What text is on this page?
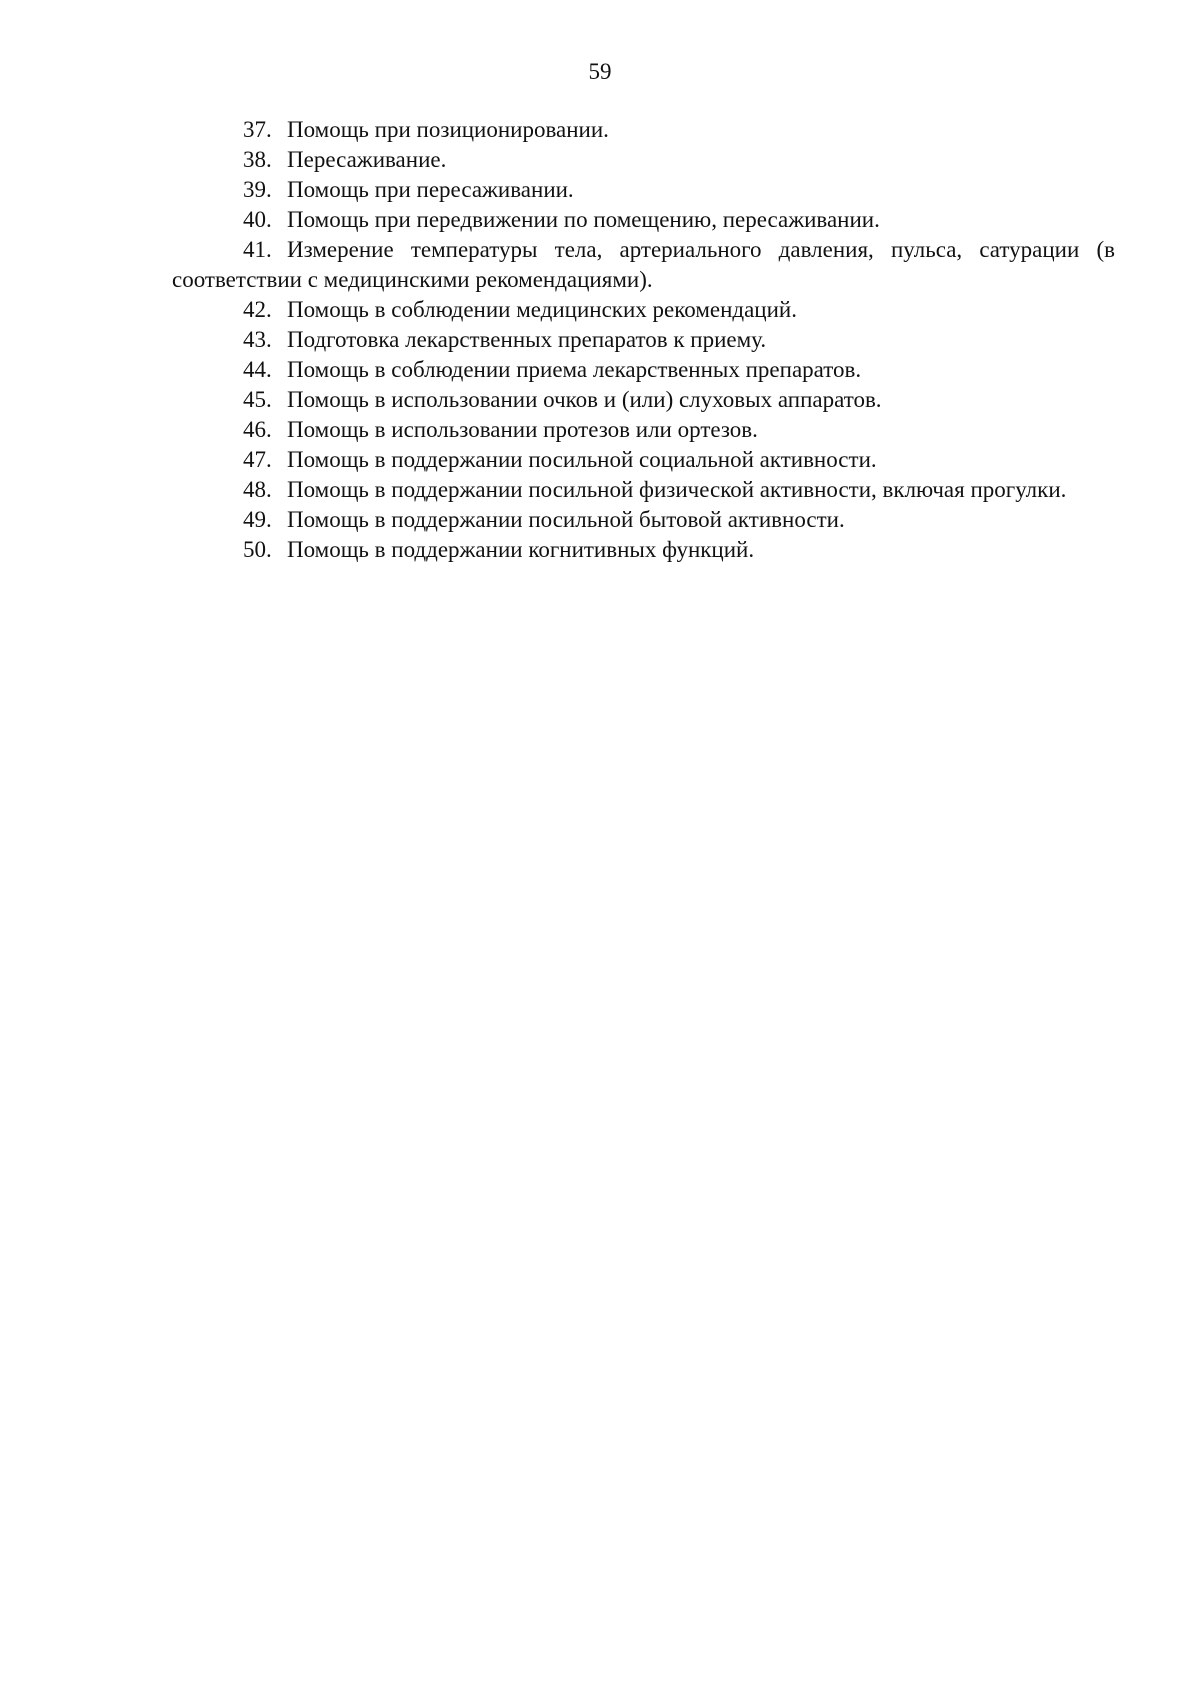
59

37. Помощь при позиционировании.

38. Пересаживание.

39. Помощь при пересаживании.

40. Помощь при передвижении по помещению, пересаживании.

41. Измерение температуры тела, артериального давления, пульса, сатурации (в соответствии с медицинскими рекомендациями).

42. Помощь в соблюдении медицинских рекомендаций.

43. Подготовка лекарственных препаратов к приему.

44. Помощь в соблюдении приема лекарственных препаратов.

45. Помощь в использовании очков и (или) слуховых аппаратов.

46. Помощь в использовании протезов или ортезов.

47. Помощь в поддержании посильной социальной активности.

48. Помощь в поддержании посильной физической активности, включая прогулки.

49. Помощь в поддержании посильной бытовой активности.

50. Помощь в поддержании когнитивных функций.
